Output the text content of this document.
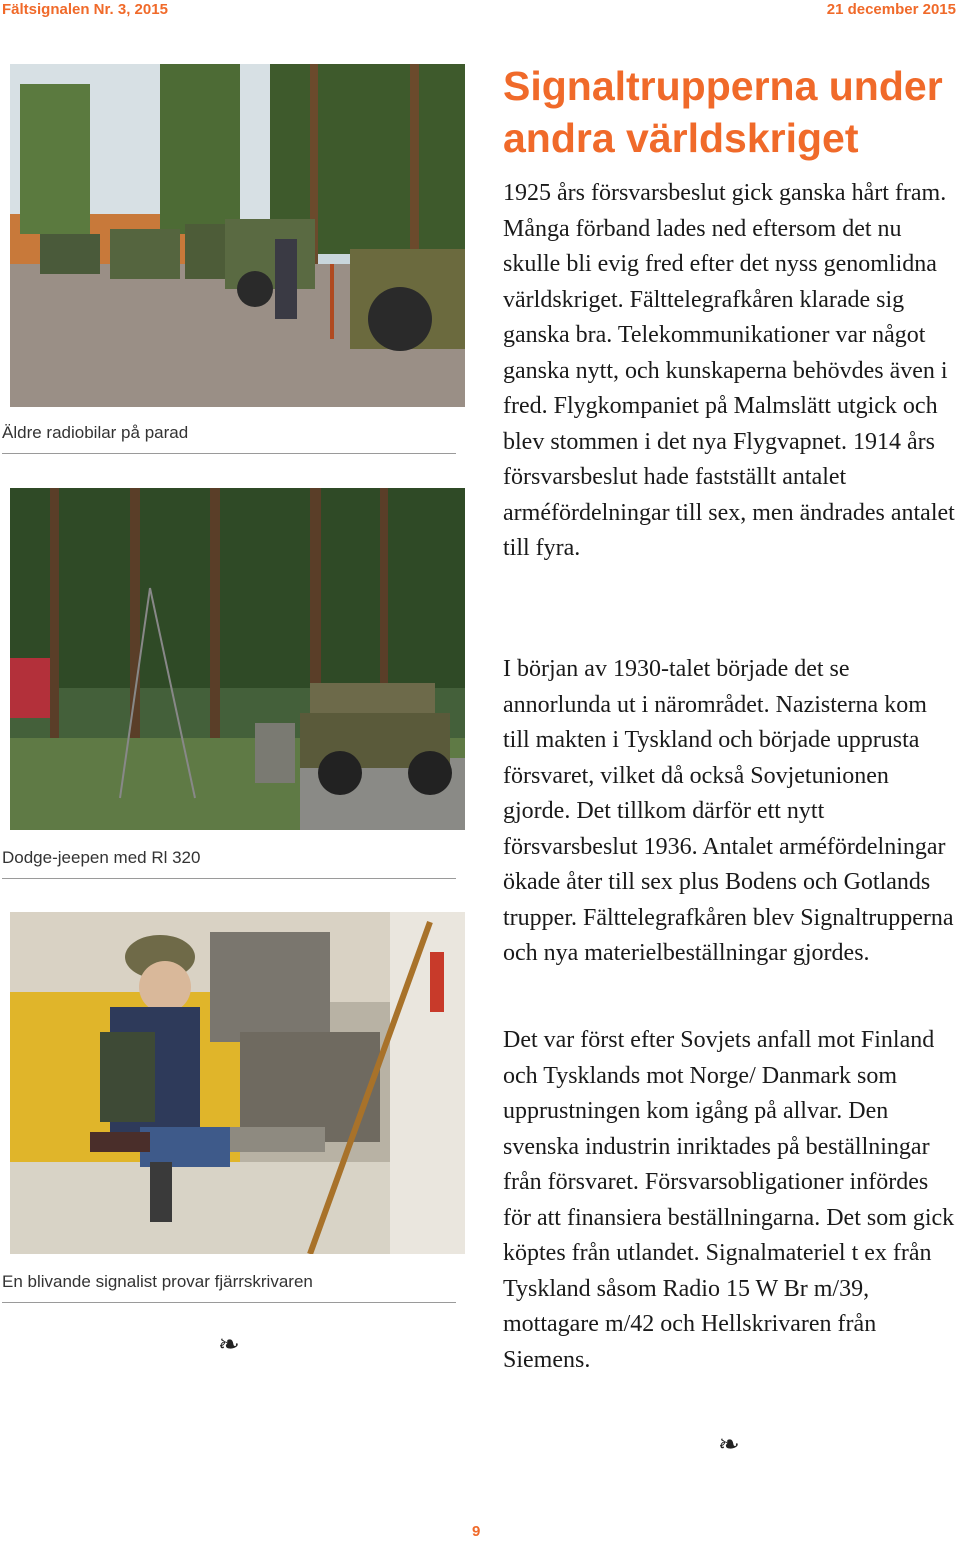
Fältsignalen Nr. 3, 2015	21 december 2015
Äldre radiobilar på parad
Dodge-jeepen med Rl 320
En blivande signalist provar fjärrskrivaren
❧
Signaltrupperna under andra världskriget

1925 års försvarsbeslut gick ganska hårt fram. Många förband lades ned eftersom det nu skulle bli evig fred efter det nyss genomlidna världskriget. Fälttelegrafkåren klarade sig ganska bra. Telekommunikationer var något ganska nytt, och kunskaperna behövdes även i fred. Flygkompaniet på Malmslätt utgick och blev stommen i det nya Flygvapnet. 1914 års försvarsbeslut hade fastställt antalet arméfördelningar till sex, men ändrades antalet till fyra.

I början av 1930-talet började det se annorlunda ut i närområdet. Nazisterna kom till makten i Tyskland och började upprusta försvaret, vilket då också Sovjetunionen gjorde. Det tillkom därför ett nytt försvarsbeslut 1936. Antalet arméfördelningar ökade åter till sex plus Bodens och Gotlands trupper. Fälttelegrafkåren blev Signaltrupperna och nya materielbeställningar gjordes.

Det var först efter Sovjets anfall mot Finland och Tysklands mot Norge/ Danmark som upprustningen kom igång på allvar. Den svenska industrin inriktades på beställningar från försvaret. Försvarsobligationer infördes för att finansiera beställningarna. Det som gick köptes från utlandet. Signalmateriel t ex från Tyskland såsom Radio 15 W Br m/39, mottagare m/42 och Hellskrivaren från Siemens.

❧
9
